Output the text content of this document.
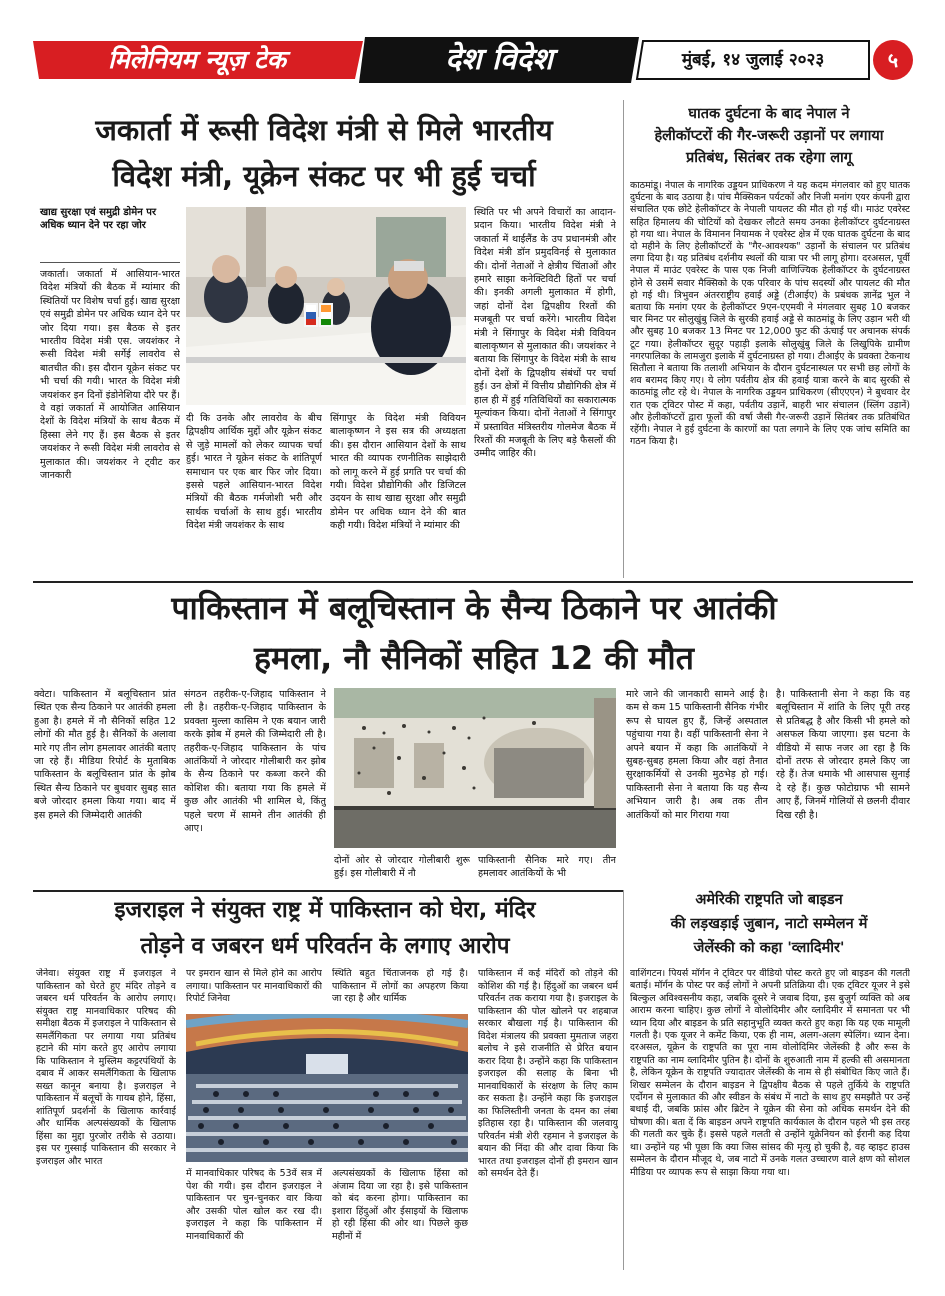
मिलेनियम न्यूज़ टेक	देश विदेश	मुंबई, १४ जुलाई २०२३	५
जकार्ता में रूसी विदेश मंत्री से मिले भारतीय
विदेश मंत्री, यूक्रेन संकट पर भी हुई चर्चा
खाद्य सुरक्षा एवं समुद्री डोमेन पर अधिक ध्यान देने पर रहा जोर
जकार्ता। जकार्ता में आसियान-भारत विदेश मंत्रियों की बैठक में म्यांमार की स्थितियों पर विशेष चर्चा हुई। खाद्य सुरक्षा एवं समुद्री डोमेन पर अधिक ध्यान देने पर जोर दिया गया। इस बैठक से इतर भारतीय विदेश मंत्री एस. जयशंकर ने रूसी विदेश मंत्री सर्गेई लावरोव से बातचीत की। इस दौरान यूक्रेन संकट पर भी चर्चा की गयी। भारत के विदेश मंत्री जयशंकर इन दिनों इंडोनेशिया दौरे पर हैं। वे वहां जकार्ता में आयोजित आसियान देशों के विदेश मंत्रियों के साथ बैठक में हिस्सा लेने गए हैं। इस बैठक से इतर जयशंकर ने रूसी विदेश मंत्री लावरोव से मुलाकात की। जयशंकर ने ट्वीट कर जानकारी
दी कि उनके और लावरोव के बीच द्विपक्षीय आर्थिक मुद्दों और यूक्रेन संकट से जुड़े मामलों को लेकर व्यापक चर्चा हुई। भारत ने यूक्रेन संकट के शांतिपूर्ण समाधान पर एक बार फिर जोर दिया। इससे पहले आसियान-भारत विदेश मंत्रियों की बैठक गर्मजोशी भरी और सार्थक चर्चाओं के साथ हुई। भारतीय विदेश मंत्री जयशंकर के साथ
सिंगापुर के विदेश मंत्री विवियन बालाकृष्णन ने इस सत्र की अध्यक्षता की। इस दौरान आसियान देशों के साथ भारत की व्यापक रणनीतिक साझेदारी को लागू करने में हुई प्रगति पर चर्चा की गयी। विदेश प्रौद्योगिकी और डिजिटल उदयन के साथ खाद्य सुरक्षा और समुद्री डोमेन पर अधिक ध्यान देने की बात कही गयी। विदेश मंत्रियों ने म्यांमार की
स्थिति पर भी अपने विचारों का आदान-प्रदान किया। भारतीय विदेश मंत्री ने जकार्ता में थाईलैंड के उप प्रधानमंत्री और विदेश मंत्री डॉन प्रमुदविनई से मुलाकात की। दोनों नेताओं ने क्षेत्रीय चिंताओं और हमारे साझा कनेक्टिविटी हितों पर चर्चा की। इनकी अगली मुलाकात में होगी, जहां दोनों देश द्विपक्षीय रिश्तों की मजबूती पर चर्चा करेंगे। भारतीय विदेश मंत्री ने सिंगापुर के विदेश मंत्री विवियन बालाकृष्णन से मुलाकात की। जयशंकर ने बताया कि सिंगापुर के विदेश मंत्री के साथ दोनों देशों के द्विपक्षीय संबंधों पर चर्चा हुई। उन क्षेत्रों में वित्तीय प्रौद्योगिकी क्षेत्र में हाल ही में हुई गतिविधियों का सकारात्मक मूल्यांकन किया। दोनों नेताओं ने सिंगापुर में प्रस्तावित मंत्रिस्तरीय गोलमेज बैठक में रिश्तों की मजबूती के लिए बड़े फैसलों की उम्मीद जाहिर की।
घातक दुर्घटना के बाद नेपाल ने
हेलीकॉप्टरों की गैर-जरूरी उड़ानों पर लगाया
प्रतिबंध, सितंबर तक रहेगा लागू
काठमांडू। नेपाल के नागरिक उड्डयन प्राधिकरण ने यह कदम मंगलवार को हुए घातक दुर्घटना के बाद उठाया है। पांच मैक्सिकन पर्यटकों और निजी मनांग एयर कंपनी द्वारा संचालित एक छोटे हेलीकॉप्टर के नेपाली पायलट की मौत हो गई थी। माउंट एवरेस्ट सहित हिमालय की चोटियों को देखकर लौटते समय उनका हेलीकॉप्टर दुर्घटनाग्रस्त हो गया था। नेपाल के विमानन नियामक ने एवरेस्ट क्षेत्र में एक घातक दुर्घटना के बाद दो महीने के लिए हेलीकॉप्टरों के "गैर-आवश्यक" उड़ानों के संचालन पर प्रतिबंध लगा दिया है। यह प्रतिबंध दर्शनीय स्थलों की यात्रा पर भी लागू होगा। दरअसल, पूर्वी नेपाल में माउंट एवरेस्ट के पास एक निजी वाणिज्यिक हेलीकॉप्टर के दुर्घटनाग्रस्त होने से उसमें सवार मैक्सिको के एक परिवार के पांच सदस्यों और पायलट की मौत हो गई थी। त्रिभुवन अंतरराष्ट्रीय हवाई अड्डे (टीआईए) के प्रबंधक ज्ञानेंद्र भुल ने बताया कि मनांग एयर के हेलीकॉप्टर 9एन-एएमवी ने मंगलवार सुबह 10 बजकर चार मिनट पर सोलुखुंबु जिले के सुरकी हवाई अड्डे से काठमांडू के लिए उड़ान भरी थी और सुबह 10 बजकर 13 मिनट पर 12,000 फुट की ऊंचाई पर अचानक संपर्क टूट गया। हेलीकॉप्टर सुदूर पहाड़ी इलाके सोलुखुंबु जिले के लिखुपिके ग्रामीण नगरपालिका के लामजुरा इलाके में दुर्घटनाग्रस्त हो गया। टीआईए के प्रवक्ता टेकनाथ सितौला ने बताया कि तलाशी अभियान के दौरान दुर्घटनास्थल पर सभी छह लोगों के शव बरामद किए गए। ये लोग पर्वतीय क्षेत्र की हवाई यात्रा करने के बाद सुरकी से काठमांडू लौट रहे थे। नेपाल के नागरिक उड्डयन प्राधिकरण (सीएएएन) ने बुधवार देर रात एक ट्विटर पोस्ट में कहा, पर्वतीय उड़ानें, बाहरी भार संचालन (स्लिंग उड़ानें) और हेलीकॉप्टरों द्वारा फूलों की वर्षा जैसी गैर-जरूरी उड़ानें सितंबर तक प्रतिबंधित रहेंगी। नेपाल ने हुई दुर्घटना के कारणों का पता लगाने के लिए एक जांच समिति का गठन किया है।
पाकिस्तान में बलूचिस्तान के सैन्य ठिकाने पर आतंकी
हमला, नौ सैनिकों सहित 12 की मौत
क्वेटा। पाकिस्तान में बलूचिस्तान प्रांत स्थित एक सैन्य ठिकाने पर आतंकी हमला हुआ है। हमले में नौ सैनिकों सहित 12 लोगों की मौत हुई है। सैनिकों के अलावा मारे गए तीन लोग हमलावर आतंकी बताए जा रहे हैं। मीडिया रिपोर्ट के मुताबिक पाकिस्तान के बलूचिस्तान प्रांत के झोब स्थित सैन्य ठिकाने पर बुधवार सुबह सात बजे जोरदार हमला किया गया। बाद में इस हमले की जिम्मेदारी आतंकी
संगठन तहरीक-ए-जिहाद पाकिस्तान ने ली है। तहरीक-ए-जिहाद पाकिस्तान के प्रवक्ता मुल्ला कासिम ने एक बयान जारी करके झोब में हमले की जिम्मेदारी ली है। तहरीक-ए-जिहाद पाकिस्तान के पांच आतंकियों ने जोरदार गोलीबारी कर झोब के सैन्य ठिकाने पर कब्जा करने की कोशिश की। बताया गया कि हमले में कुछ और आतंकी भी शामिल थे, किंतु पहले चरण में सामने तीन आतंकी ही आए।
दोनों ओर से जोरदार गोलीबारी शुरू हुई। इस गोलीबारी में नौ
पाकिस्तानी सैनिक मारे गए। तीन हमलावर आतंकियों के भी
मारे जाने की जानकारी सामने आई है। कम से कम 15 पाकिस्तानी सैनिक गंभीर रूप से घायल हुए हैं, जिन्हें अस्पताल पहुंचाया गया है। वहीं पाकिस्तानी सेना ने अपने बयान में कहा कि आतंकियों ने सुबह-सुबह हमला किया और वहां तैनात सुरक्षाकर्मियों से उनकी मुठभेड़ हो गई। पाकिस्तानी सेना ने बताया कि यह सैन्य अभियान जारी है। अब तक तीन आतंकियों को मार गिराया गया
है। पाकिस्तानी सेना ने कहा कि वह बलूचिस्तान में शांति के लिए पूरी तरह से प्रतिबद्ध है और किसी भी हमले को असफल किया जाएगा। इस घटना के वीडियो में साफ नजर आ रहा है कि दोनों तरफ से जोरदार हमले किए जा रहे हैं। तेज धमाके भी आसपास सुनाई दे रहे हैं। कुछ फोटोग्राफ भी सामने आए हैं, जिनमें गोलियों से छलनी दीवार दिख रही है।
इजराइल ने संयुक्त राष्ट्र में पाकिस्तान को घेरा, मंदिर
तोड़ने व जबरन धर्म परिवर्तन के लगाए आरोप
जेनेवा। संयुक्त राष्ट्र में इजराइल ने पाकिस्तान को घेरते हुए मंदिर तोड़ने व जबरन धर्म परिवर्तन के आरोप लगाए। संयुक्त राष्ट्र मानवाधिकार परिषद की समीक्षा बैठक में इजराइल ने पाकिस्तान से समलैंगिकता पर लगाया गया प्रतिबंध हटाने की मांग करते हुए आरोप लगाया कि पाकिस्तान ने मुस्लिम कट्टरपंथियों के दबाव में आकर समलैंगिकता के खिलाफ सख्त कानून बनाया है। इजराइल ने पाकिस्तान में बलूचों के गायब होने, हिंसा, शांतिपूर्ण प्रदर्शनों के खिलाफ कार्रवाई और धार्मिक अल्पसंख्यकों के खिलाफ हिंसा का मुद्दा पुरजोर तरीके से उठाया। इस पर गुस्साई पाकिस्तान की सरकार ने इजराइल और भारत
पर इमरान खान से मिले होने का आरोप लगाया। पाकिस्तान पर मानवाधिकारों की रिपोर्ट जिनेवा
स्थिति बहुत चिंताजनक हो गई है। पाकिस्तान में लोगों का अपहरण किया जा रहा है और धार्मिक
में मानवाधिकार परिषद के 53वें सत्र में पेश की गयी। इस दौरान इजराइल ने पाकिस्तान पर चुन-चुनकर वार किया और उसकी पोल खोल कर रख दी। इजराइल ने कहा कि पाकिस्तान में मानवाधिकारों की
अल्पसंख्यकों के खिलाफ हिंसा को अंजाम दिया जा रहा है। इसे पाकिस्तान को बंद करना होगा। पाकिस्तान का इशारा हिंदुओं और ईसाइयों के खिलाफ हो रही हिंसा की ओर था। पिछले कुछ महीनों में
पाकिस्तान में कई मंदिरों को तोड़ने की कोशिश की गई है। हिंदुओं का जबरन धर्म परिवर्तन तक कराया गया है। इजराइल के पाकिस्तान की पोल खोलने पर शहबाज सरकार बौखला गई है। पाकिस्तान की विदेश मंत्रालय की प्रवक्ता मुमताज जहरा बलोच ने इसे राजनीति से प्रेरित बयान करार दिया है। उन्होंने कहा कि पाकिस्तान इजराइल की सलाह के बिना भी मानवाधिकारों के संरक्षण के लिए काम कर सकता है। उन्होंने कहा कि इजराइल का फिलिस्तीनी जनता के दमन का लंबा इतिहास रहा है। पाकिस्तान की जलवायु परिवर्तन मंत्री शेरी रहमान ने इजराइल के बयान की निंदा की और दावा किया कि भारत तथा इजराइल दोनों ही इमरान खान को समर्थन देते हैं।
अमेरिकी राष्ट्रपति जो बाइडन
की लड़खड़ाई जुबान, नाटो सम्मेलन में
जेलेंस्की को कहा 'व्लादिमीर'
वाशिंगटन। पियर्स मॉर्गन ने ट्विटर पर वीडियो पोस्ट करते हुए जो बाइडन की गलती बताई। मॉर्गन के पोस्ट पर कई लोगों ने अपनी प्रतिक्रिया दी। एक ट्विटर यूजर ने इसे बिल्कुल अविश्वसनीय कहा, जबकि दूसरे ने जवाब दिया, इस बुजुर्ग व्यक्ति को अब आराम करना चाहिए। कुछ लोगों ने वोलोदिमीर और व्लादिमीर में समानता पर भी ध्यान दिया और बाइडन के प्रति सहानुभूति व्यक्त करते हुए कहा कि यह एक मामूली गलती है। एक यूजर ने कमेंट किया, एक ही नाम, अलग-अलग स्पेलिंग। ध्यान देना। दरअसल, यूक्रेन के राष्ट्रपति का पूरा नाम वोलोदिमिर जेलेंस्की है और रूस के राष्ट्रपति का नाम व्लादिमीर पुतिन है। दोनों के शुरुआती नाम में हल्की सी असमानता है, लेकिन यूक्रेन के राष्ट्रपति ज्यादातर जेलेंस्की के नाम से ही संबोधित किए जाते हैं। शिखर सम्मेलन के दौरान बाइडन ने द्विपक्षीय बैठक से पहले तुर्किये के राष्ट्रपति एर्दोगन से मुलाकात की और स्वीडन के संबंध में नाटो के साथ हुए समझौते पर उन्हें बधाई दी, जबकि फ्रांस और ब्रिटेन ने यूक्रेन की सेना को अधिक समर्थन देने की घोषणा की। बता दें कि बाइडन अपने राष्ट्रपति कार्यकाल के दौरान पहले भी इस तरह की गलती कर चुके हैं। इससे पहले गलती से उन्होंने यूक्रेनियन को ईरानी कह दिया था। उन्होंने यह भी पूछा कि क्या जिस सांसद की मृत्यु हो चुकी है, वह व्हाइट हाउस सम्मेलन के दौरान मौजूद थे, जब नाटो में उनके गलत उच्चारण वाले क्षण को सोशल मीडिया पर व्यापक रूप से साझा किया गया था।
